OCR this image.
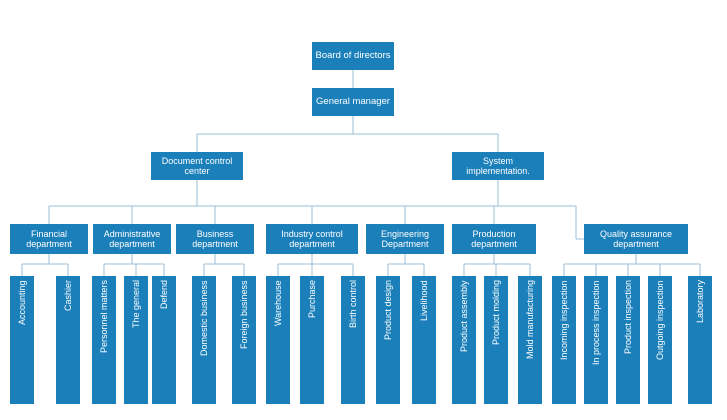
Board of directors
General manager
Document control center
System implementation.
Financial department
Administrative department
Business department
Industry control department
Engineering Department
Production department
Quality assurance department
Accounting	Cashier	Personnel matters	The general	Defend	Domestic business	Foreign business	Warehouse	Purchase	Birth control	Product design	Livelihood	Product assembly	Product molding	Mold manufacturing	Incoming inspection	In process inspection	Product inspection	Outgoing inspection	Laboratory
